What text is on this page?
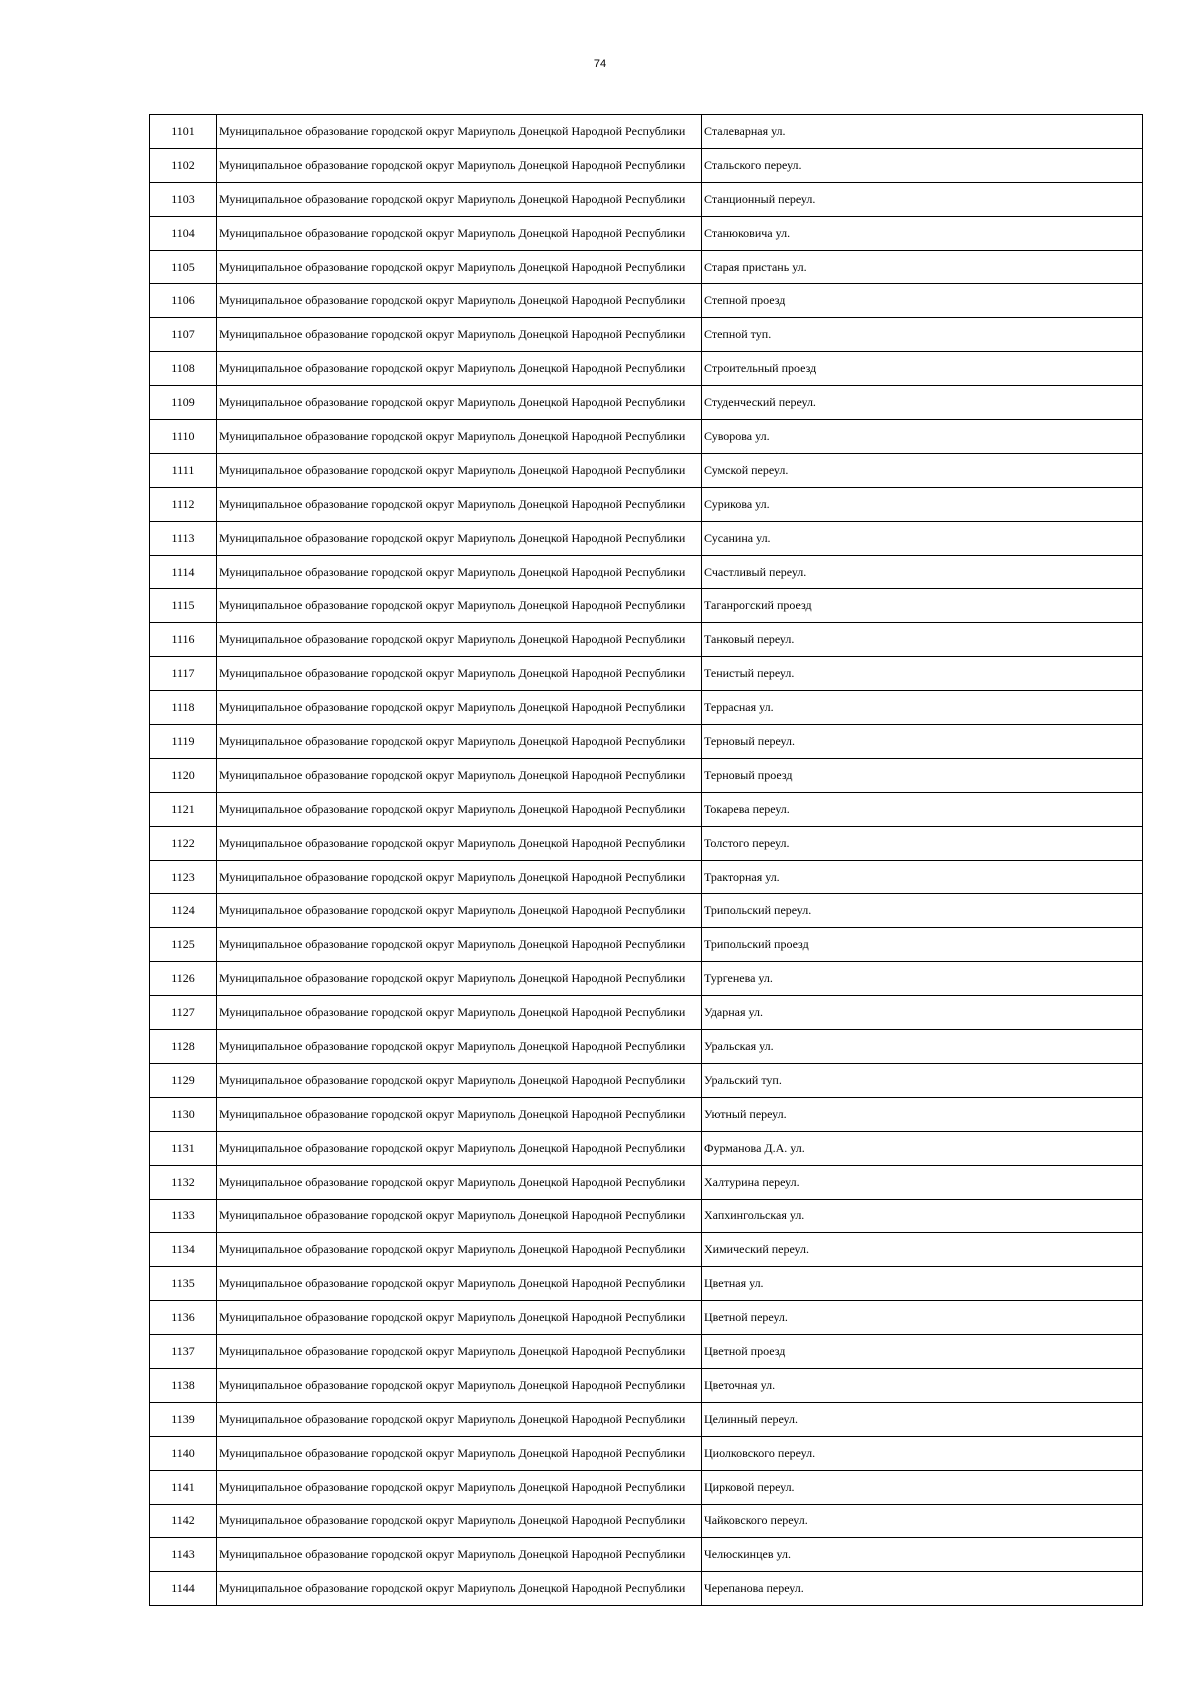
74
1101	Муниципальное образование городской округ Мариуполь Донецкой Народной Республики	Сталеварная ул.
1102	Муниципальное образование городской округ Мариуполь Донецкой Народной Республики	Стальского переул.
1103	Муниципальное образование городской округ Мариуполь Донецкой Народной Республики	Станционный переул.
1104	Муниципальное образование городской округ Мариуполь Донецкой Народной Республики	Станюковича ул.
1105	Муниципальное образование городской округ Мариуполь Донецкой Народной Республики	Старая пристань ул.
1106	Муниципальное образование городской округ Мариуполь Донецкой Народной Республики	Степной проезд
1107	Муниципальное образование городской округ Мариуполь Донецкой Народной Республики	Степной туп.
1108	Муниципальное образование городской округ Мариуполь Донецкой Народной Республики	Строительный проезд
1109	Муниципальное образование городской округ Мариуполь Донецкой Народной Республики	Студенческий переул.
1110	Муниципальное образование городской округ Мариуполь Донецкой Народной Республики	Суворова ул.
1111	Муниципальное образование городской округ Мариуполь Донецкой Народной Республики	Сумской переул.
1112	Муниципальное образование городской округ Мариуполь Донецкой Народной Республики	Сурикова ул.
1113	Муниципальное образование городской округ Мариуполь Донецкой Народной Республики	Сусанина ул.
1114	Муниципальное образование городской округ Мариуполь Донецкой Народной Республики	Счастливый переул.
1115	Муниципальное образование городской округ Мариуполь Донецкой Народной Республики	Таганрогский проезд
1116	Муниципальное образование городской округ Мариуполь Донецкой Народной Республики	Танковый переул.
1117	Муниципальное образование городской округ Мариуполь Донецкой Народной Республики	Тенистый переул.
1118	Муниципальное образование городской округ Мариуполь Донецкой Народной Республики	Террасная ул.
1119	Муниципальное образование городской округ Мариуполь Донецкой Народной Республики	Терновый переул.
1120	Муниципальное образование городской округ Мариуполь Донецкой Народной Республики	Терновый проезд
1121	Муниципальное образование городской округ Мариуполь Донецкой Народной Республики	Токарева переул.
1122	Муниципальное образование городской округ Мариуполь Донецкой Народной Республики	Толстого переул.
1123	Муниципальное образование городской округ Мариуполь Донецкой Народной Республики	Тракторная ул.
1124	Муниципальное образование городской округ Мариуполь Донецкой Народной Республики	Трипольский переул.
1125	Муниципальное образование городской округ Мариуполь Донецкой Народной Республики	Трипольский проезд
1126	Муниципальное образование городской округ Мариуполь Донецкой Народной Республики	Тургенева ул.
1127	Муниципальное образование городской округ Мариуполь Донецкой Народной Республики	Ударная ул.
1128	Муниципальное образование городской округ Мариуполь Донецкой Народной Республики	Уральская ул.
1129	Муниципальное образование городской округ Мариуполь Донецкой Народной Республики	Уральский туп.
1130	Муниципальное образование городской округ Мариуполь Донецкой Народной Республики	Уютный переул.
1131	Муниципальное образование городской округ Мариуполь Донецкой Народной Республики	Фурманова Д.А. ул.
1132	Муниципальное образование городской округ Мариуполь Донецкой Народной Республики	Халтурина переул.
1133	Муниципальное образование городской округ Мариуполь Донецкой Народной Республики	Хапхингольская ул.
1134	Муниципальное образование городской округ Мариуполь Донецкой Народной Республики	Химический переул.
1135	Муниципальное образование городской округ Мариуполь Донецкой Народной Республики	Цветная ул.
1136	Муниципальное образование городской округ Мариуполь Донецкой Народной Республики	Цветной переул.
1137	Муниципальное образование городской округ Мариуполь Донецкой Народной Республики	Цветной проезд
1138	Муниципальное образование городской округ Мариуполь Донецкой Народной Республики	Цветочная ул.
1139	Муниципальное образование городской округ Мариуполь Донецкой Народной Республики	Целинный переул.
1140	Муниципальное образование городской округ Мариуполь Донецкой Народной Республики	Циолковского переул.
1141	Муниципальное образование городской округ Мариуполь Донецкой Народной Республики	Цирковой переул.
1142	Муниципальное образование городской округ Мариуполь Донецкой Народной Республики	Чайковского переул.
1143	Муниципальное образование городской округ Мариуполь Донецкой Народной Республики	Челюскинцев ул.
1144	Муниципальное образование городской округ Мариуполь Донецкой Народной Республики	Черепанова переул.
